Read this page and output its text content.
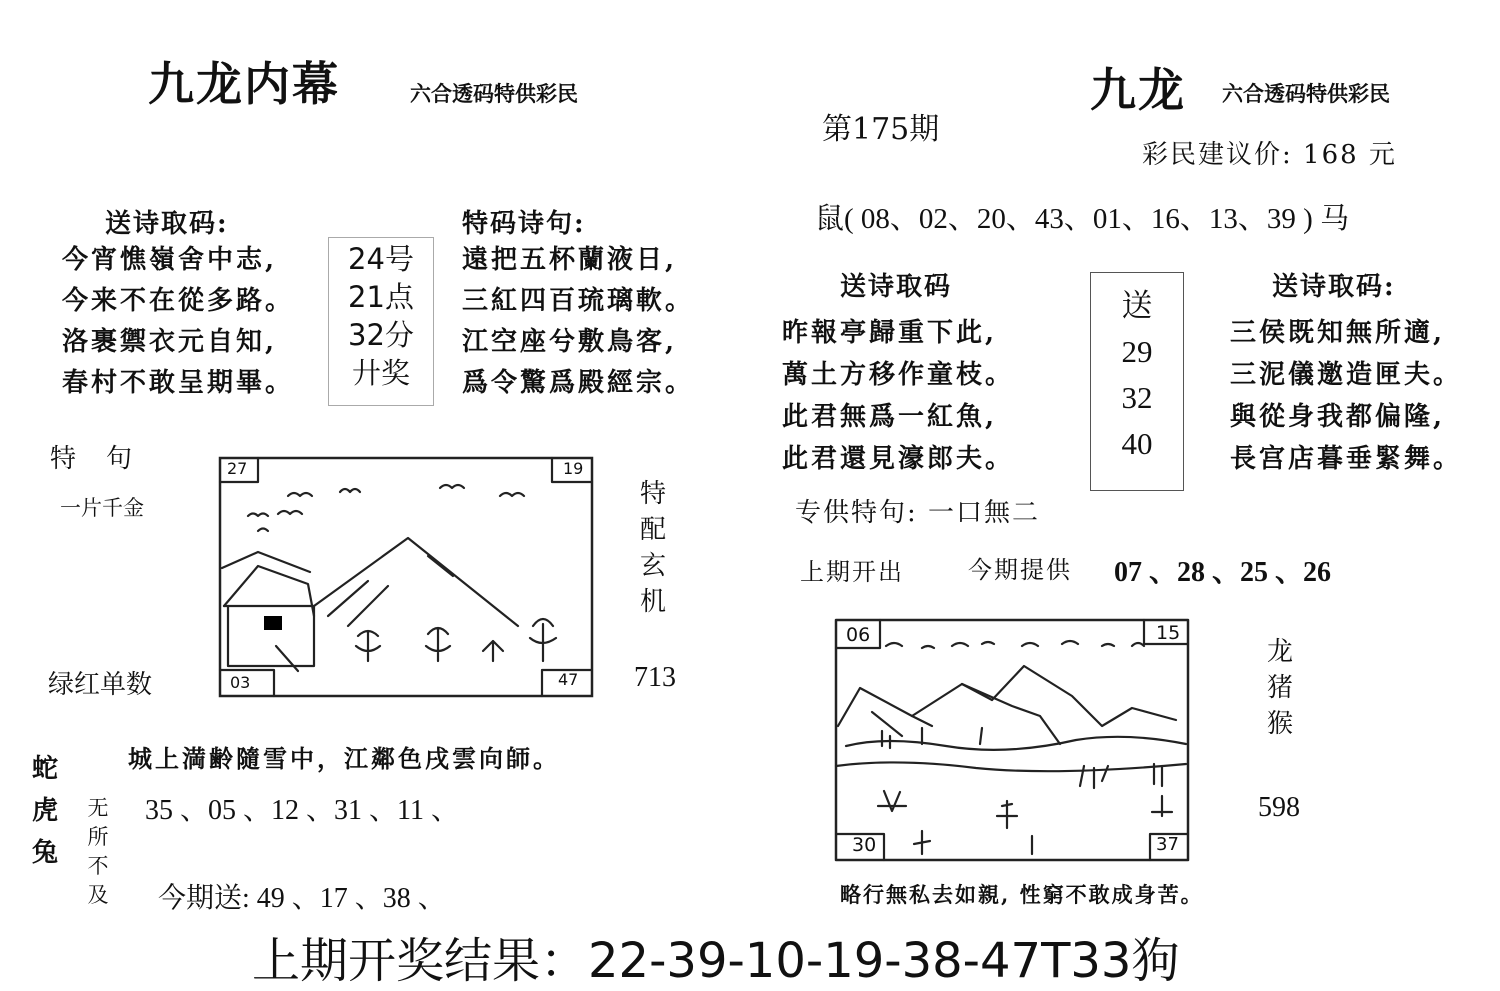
九龙内幕	六合透码特供彩民
送诗取码:
今宵憔嶺舍中志,
今来不在從多路。
洛裹禦衣元自知,
春村不敢呈期畢。
24号
21点
32分
廾奖
特码诗句:
遠把五杯蘭液日,
三紅四百琉璃軟。
江空座兮敷鳥客,
爲令驚爲殿經宗。
特　句
一片千金
27	19
03	47
特
配
玄
机
713
绿红单数
城上満齢隨雪中，江鄰色戌雲向師。
蛇
虎
兔
无
所
不
及
35 、05 、12 、31 、11 、
今期送: 49 、17 、38 、
九龙 六合透码特供彩民
第175期
彩民建议价: 168 元
鼠( 08、02、20、43、01、16、13、39 ) 马
送诗取码
昨報亭歸重下此,
萬土方移作童枝。
此君無爲一紅魚,
此君還見濠郎夫。
送
29
32
40
送诗取码:
三侯既知無所適,
三泥儀邀造匣夫。
與從身我都偏隆,
長宫店暮垂緊舞。
专供特句: 一口無二
上期开出	今期提供 07 、28 、25 、26
06	15
30	37
龙
猪
猴
598
略行無私去如親, 性窮不敢成身苦。
上期开奖结果：22-39-10-19-38-47T33狗
